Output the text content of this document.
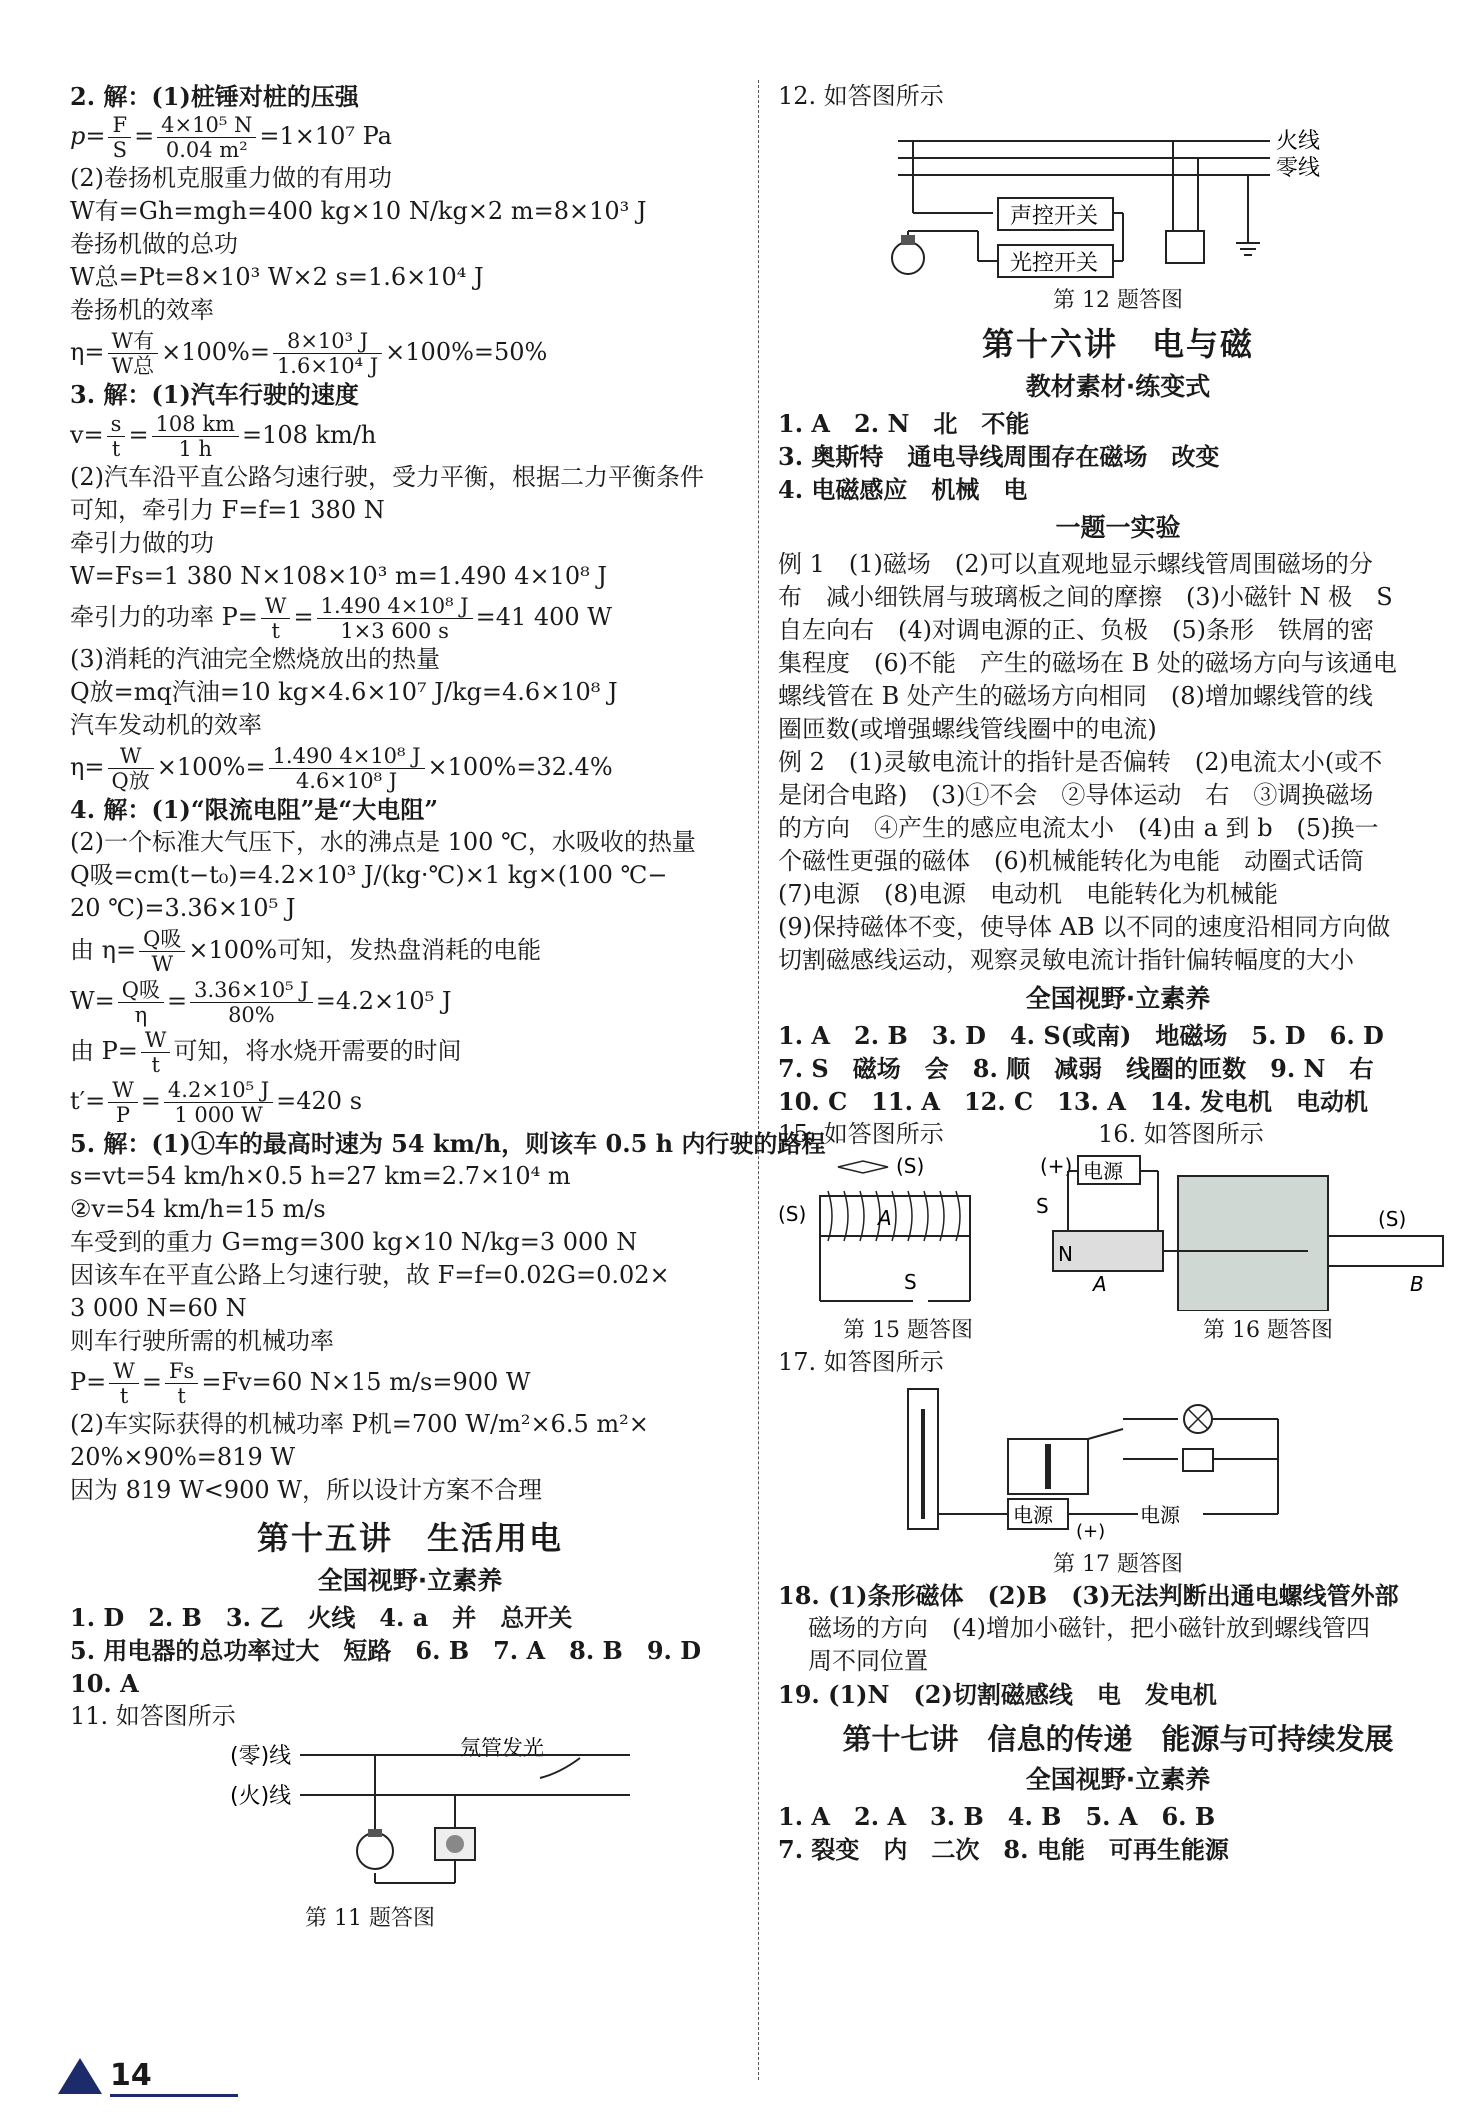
2. 解：(1)桩锤对桩的压强
$p= \frac{F}{S} = \frac{\text{4×10⁵ N}}{\text{0.04 m²}} =1\times 10^7$ Pa
(2)卷扬机克服重力做的有用功
W有=Gh=mgh=400 kg×10 N/kg×2 m=8×10³ J
卷扬机做的总功
W总=Pt=8×10³ W×2 s=1.6×10⁴ J
卷扬机的效率
$\eta= \frac{\text{W有}}{\text{W总}} \times 100\%= \frac{\text{8×10³ J}}{\text{1.6×10⁴ J}} \times 100\%=50\%$
3. 解：(1)汽车行驶的速度
$v= \frac{s}{t} = \frac{108 km}{1 h} =108$ km/h
(2)汽车沿平直公路匀速行驶，受力平衡，根据二力平衡条件
可知，牵引力 F=f=1 380 N
牵引力做的功
W=Fs=1 380 N×108×10³ m=1.490 4×10⁸ J
牵引力的功率 $P= \frac{W}{t} = \frac{\text{1.490 4×10⁸ J}}{1\times 3 600 s} =41$ 400 W
(3)消耗的汽油完全燃烧放出的热量
Q放=mq汽油=10 kg×4.6×10⁷ J/kg=4.6×10⁸ J
汽车发动机的效率
$\eta= \frac{W}{\text{Q放}} \times 100\%= \frac{\text{1.490 4×10⁸ J}}{\text{4.6×10⁸ J}} \times 100\%=32.4\%$
4. 解：(1)“限流电阻”是“大电阻”
(2)一个标准大气压下，水的沸点是 100 ℃，水吸收的热量
Q吸=cm(t−t₀)=4.2×10³ J/(kg·℃)×1 kg×(100 ℃−
20 ℃)=3.36×10⁵ J
由 $\eta= \frac{\text{Q吸}}{W} \times 100\%$可知，发热盘消耗的电能
$W= \frac{\text{Q吸}}{\eta} = \frac{\text{3.36×10⁵ J}}{80\%} =4.2\times 10^5$ J
由 $P= \frac{W}{t}$ 可知，将水烧开需要的时间
$t'= \frac{W}{P} = \frac{\text{4.2×10⁵ J}}{1 000 W} =420$ s
5. 解：(1)①车的最高时速为 54 km/h，则该车 0.5 h 内行驶的路程
s=vt=54 km/h×0.5 h=27 km=2.7×10⁴ m
②v=54 km/h=15 m/s
车受到的重力 G=mg=300 kg×10 N/kg=3 000 N
因该车在平直公路上匀速行驶，故 F=f=0.02G=0.02×
3 000 N=60 N
则车行驶所需的机械功率
$P= \frac{W}{t} = \frac{Fs}{t} =Fv=60$ N×15 m/s=900 W
(2)车实际获得的机械功率 P机=700 W/m²×6.5 m²×
20%×90%=819 W
因为 819 W<900 W，所以设计方案不合理
第十五讲　生活用电
全国视野·立素养
1. D　2. B　3. 乙　火线　4. a　并　总开关
5. 用电器的总功率过大　短路　6. B　7. A　8. B　9. D
10. A
11. 如答图所示
(零)线
(火)线
氖管发光
第 11 题答图
12. 如答图所示
火线
零线
声控开关
光控开关
第 12 题答图
第十六讲　电与磁
教材素材·练变式
1. A　2. N　北　不能
3. 奥斯特　通电导线周围存在磁场　改变
4. 电磁感应　机械　电
一题一实验
例 1　(1)磁场　(2)可以直观地显示螺线管周围磁场的分
布　减小细铁屑与玻璃板之间的摩擦　(3)小磁针 N 极　S
自左向右　(4)对调电源的正、负极　(5)条形　铁屑的密
集程度　(6)不能　产生的磁场在 B 处的磁场方向与该通电
螺线管在 B 处产生的磁场方向相同　(8)增加螺线管的线
圈匝数(或增强螺线管线圈中的电流)
例 2　(1)灵敏电流计的指针是否偏转　(2)电流太小(或不
是闭合电路)　(3)①不会　②导体运动　右　③调换磁场
的方向　④产生的感应电流太小　(4)由 a 到 b　(5)换一
个磁性更强的磁体　(6)机械能转化为电能　动圈式话筒
(7)电源　(8)电源　电动机　电能转化为机械能
(9)保持磁体不变，使导体 AB 以不同的速度沿相同方向做
切割磁感线运动，观察灵敏电流计指针偏转幅度的大小
全国视野·立素养
1. A　2. B　3. D　4. S(或南)　地磁场　5. D　6. D
7. S　磁场　会　8. 顺　减弱　线圈的匝数　9. N　右
10. C　11. A　12. C　13. A　14. 发电机　电动机
15. 如答图所示	16. 如答图所示
(S)
(S)	A
S
(+) 电源
S
N
A
(S)
B
第 15 题答图	第 16 题答图
17. 如答图所示
电源
(+)
电源
第 17 题答图
18. (1)条形磁体　(2)B　(3)无法判断出通电螺线管外部
磁场的方向　(4)增加小磁针，把小磁针放到螺线管四
周不同位置
19. (1)N　(2)切割磁感线　电　发电机
第十七讲　信息的传递　能源与可持续发展
全国视野·立素养
1. A　2. A　3. B　4. B　5. A　6. B
7. 裂变　内　二次　8. 电能　可再生能源
14
